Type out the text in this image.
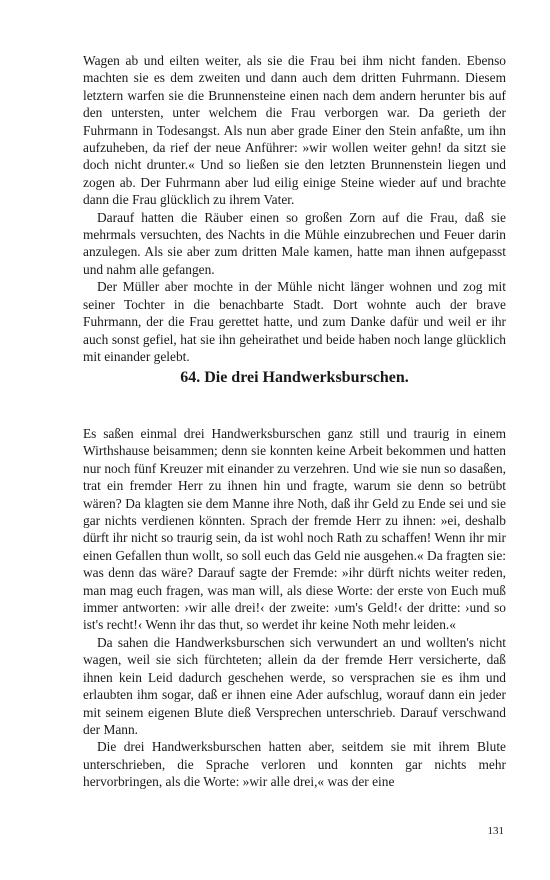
Wagen ab und eilten weiter, als sie die Frau bei ihm nicht fanden. Ebenso machten sie es dem zweiten und dann auch dem dritten Fuhrmann. Diesem letztern warfen sie die Brunnensteine einen nach dem andern herunter bis auf den untersten, unter welchem die Frau verborgen war. Da gerieth der Fuhrmann in Todesangst. Als nun aber grade Einer den Stein anfaßte, um ihn aufzuheben, da rief der neue Anführer: »wir wollen weiter gehn! da sitzt sie doch nicht drunter.« Und so ließen sie den letzten Brunnenstein liegen und zogen ab. Der Fuhrmann aber lud eilig einige Steine wieder auf und brachte dann die Frau glücklich zu ihrem Vater.

Darauf hatten die Räuber einen so großen Zorn auf die Frau, daß sie mehrmals versuchten, des Nachts in die Mühle einzubrechen und Feuer darin anzulegen. Als sie aber zum dritten Male kamen, hatte man ihnen aufgepasst und nahm alle gefangen.

Der Müller aber mochte in der Mühle nicht länger wohnen und zog mit seiner Tochter in die benachbarte Stadt. Dort wohnte auch der brave Fuhrmann, der die Frau gerettet hatte, und zum Danke dafür und weil er ihr auch sonst gefiel, hat sie ihn geheirathet und beide haben noch lange glücklich mit einander gelebt.

64. Die drei Handwerksburschen.

Es saßen einmal drei Handwerksburschen ganz still und traurig in einem Wirthshause beisammen; denn sie konnten keine Arbeit bekommen und hatten nur noch fünf Kreuzer mit einander zu verzehren. Und wie sie nun so dasaßen, trat ein fremder Herr zu ihnen hin und fragte, warum sie denn so betrübt wären? Da klagten sie dem Manne ihre Noth, daß ihr Geld zu Ende sei und sie gar nichts verdienen könnten. Sprach der fremde Herr zu ihnen: »ei, deshalb dürft ihr nicht so traurig sein, da ist wohl noch Rath zu schaffen! Wenn ihr mir einen Gefallen thun wollt, so soll euch das Geld nie ausgehen.« Da fragten sie: was denn das wäre? Darauf sagte der Fremde: »ihr dürft nichts weiter reden, man mag euch fragen, was man will, als diese Worte: der erste von Euch muß immer antworten: ›wir alle drei!‹ der zweite: ›um's Geld!‹ der dritte: ›und so ist's recht!‹ Wenn ihr das thut, so werdet ihr keine Noth mehr leiden.«

Da sahen die Handwerksburschen sich verwundert an und wollten's nicht wagen, weil sie sich fürchteten; allein da der fremde Herr versicherte, daß ihnen kein Leid dadurch geschehen werde, so versprachen sie es ihm und erlaubten ihm sogar, daß er ihnen eine Ader aufschlug, worauf dann ein jeder mit seinem eigenen Blute dieß Versprechen unterschrieb. Darauf verschwand der Mann.

Die drei Handwerksburschen hatten aber, seitdem sie mit ihrem Blute unterschrieben, die Sprache verloren und konnten gar nichts mehr hervorbringen, als die Worte: »wir alle drei,« was der eine

131
